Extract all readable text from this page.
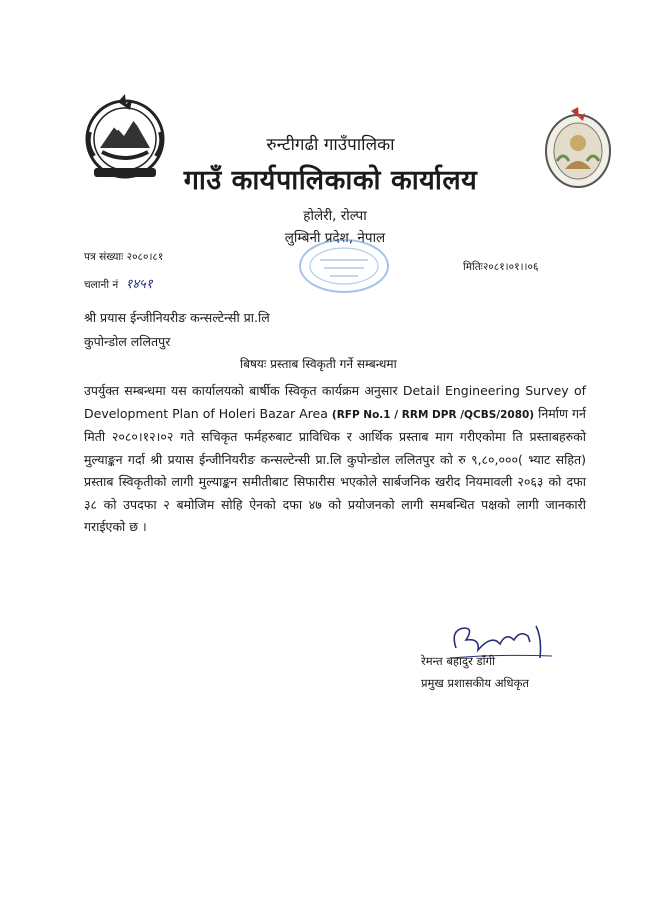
रुन्टीगढी गाउँपालिका
गाउँ कार्यपालिकाको कार्यालय
होलेरी, रोल्पा
लुम्बिनी प्रदेश, नेपाल
पत्र संख्याः २०८०।८१
चलानी नं १४५१
मितिः२०८१।०१।।०६
श्री प्रयास ईन्जीनियरीङ कन्सल्टेन्सी प्रा.लि
कुपोन्डोल ललितपुर
बिषयः प्रस्ताब स्विकृती गर्ने सम्बन्धमा

उपर्युक्त सम्बन्धमा यस कार्यालयको बार्षीक स्विकृत कार्यक्रम अनुसार Detail Engineering Survey of Development Plan of Holeri Bazar Area (RFP No.1 / RRM DPR /QCBS/2080) निर्माण गर्न मिती २०८०।१२।०२ गते सचिकृत फर्महरुबाट प्राविधिक र आर्थिक प्रस्ताब माग गरीएकोमा ति प्रस्ताबहरुको मुल्याङ्कन गर्दा श्री प्रयास ईन्जीनियरीङ कन्सल्टेन्सी प्रा.लि कुपोन्डोल ललितपुर को रु ९,८०,०००( भ्याट सहित) प्रस्ताब स्विकृतीको लागी मुल्याङ्कन समीतीबाट सिफारीस भएकोले सार्बजनिक खरीद नियमावली २०६३ को दफा ३८ को उपदफा २ बमोजिम सोहि ऐनको दफा ४७ को प्रयोजनको लागी समबन्धित पक्षको लागी जानकारी गराईएको छ ।

रेमन्त बहादुर डाँगी
प्रमुख प्रशासकीय अधिकृत
